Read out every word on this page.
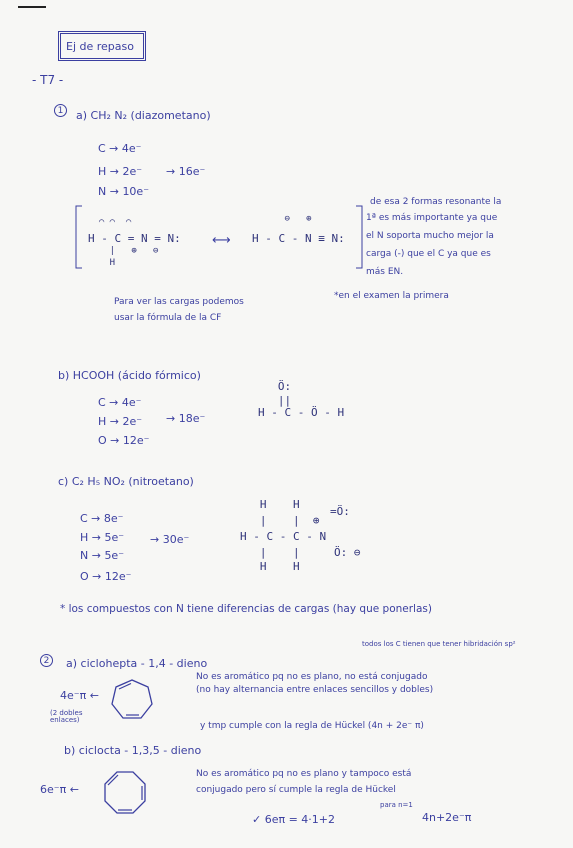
Ej de repaso
- T7 -
1	a) CH₂ N₂ (diazometano)
C → 4e⁻
H → 2e⁻ → 16e⁻
N → 10e⁻
⌒ ⌒  ⌒
H - C = N = N:
|   ⊕   ⊖
H
⟷
⊖   ⊕
H - C - N ≡ N:
de esa 2 formas resonante la
1ª es más importante ya que
el N soporta mucho mejor la
carga (-) que el C ya que es
más EN.
Para ver las cargas podemos
usar la fórmula de la CF
*en el examen la primera
b) HCOOH (ácido fórmico)
C → 4e⁻
H → 2e⁻ → 18e⁻
O → 12e⁻
Ö:
||
H - C - Ö - H
c) C₂ H₅ NO₂ (nitroetano)
C → 8e⁻
H → 5e⁻ → 30e⁻
N → 5e⁻
O → 12e⁻
H    H
|    |  ⊕
H - C - C - N
|    |
H    H
=Ö:
Ö: ⊖
* los compuestos con N tiene diferencias de cargas (hay que ponerlas)
todos los C tienen que tener hibridación sp²
2	a) ciclohepta - 1,4 - dieno
4e⁻π ←
(2 dobles enlaces)
No es aromático pq no es plano, no está conjugado
(no hay alternancia entre enlaces sencillos y dobles)
y tmp cumple con la regla de Hückel (4n + 2e⁻ π)
b) ciclocta - 1,3,5 - dieno
6e⁻π ←
No es aromático pq no es plano y tampoco está
conjugado pero sí cumple la regla de Hückel
para n=1
✓ 6eπ = 4·1+2	4n+2e⁻π
